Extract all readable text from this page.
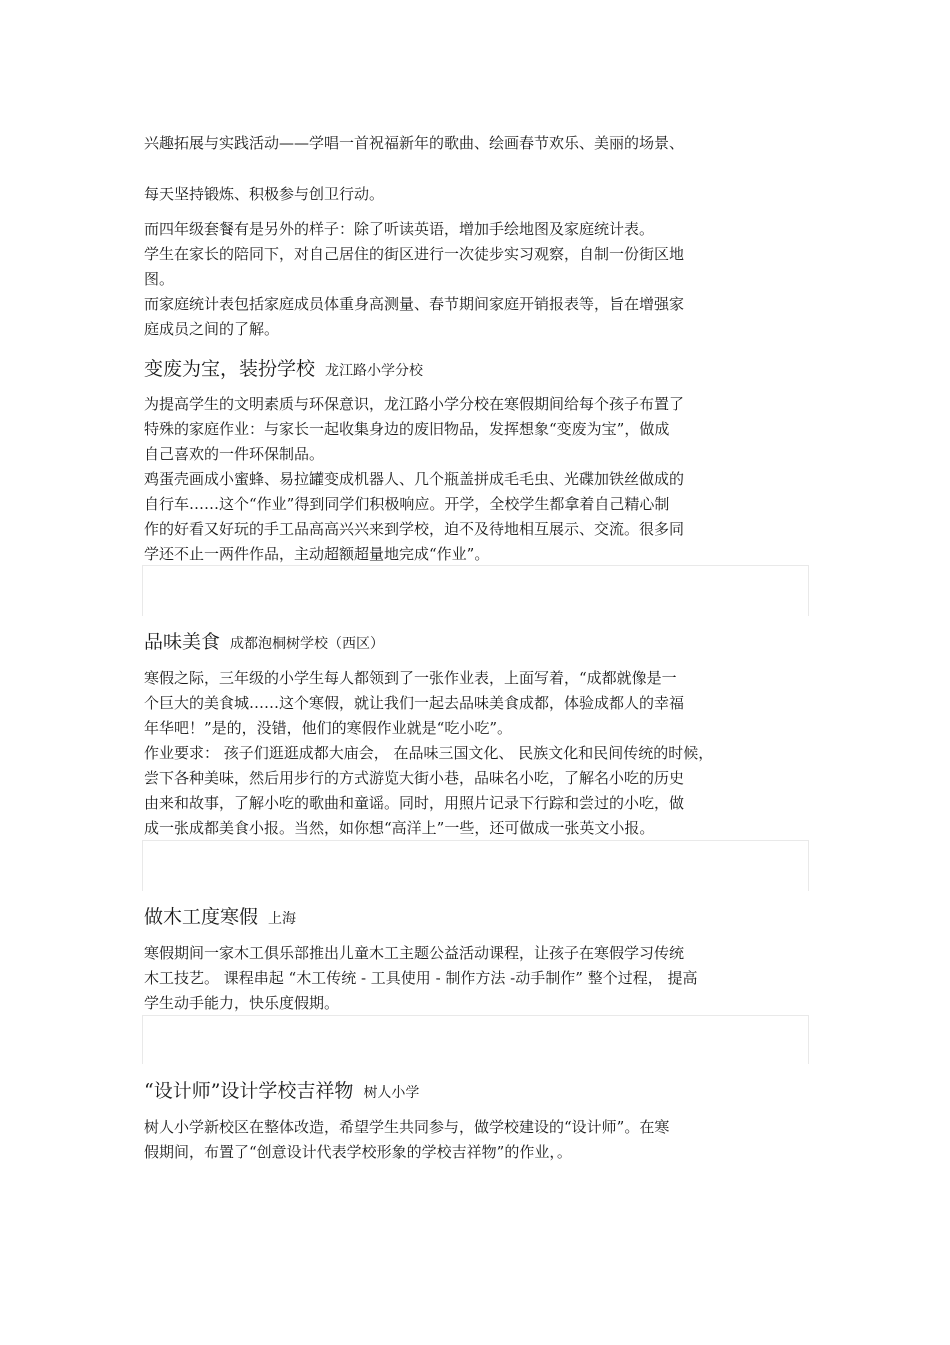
兴趣拓展与实践活动——学唱一首祝福新年的歌曲、绘画春节欢乐、美丽的场景、
每天坚持锻炼、积极参与创卫行动。
而四年级套餐有是另外的样子：除了听读英语，增加手绘地图及家庭统计表。
学生在家长的陪同下，对自己居住的街区进行一次徒步实习观察，自制一份街区地
图。
而家庭统计表包括家庭成员体重身高测量、春节期间家庭开销报表等，旨在增强家
庭成员之间的了解。
变废为宝，装扮学校 龙江路小学分校
为提高学生的文明素质与环保意识，龙江路小学分校在寒假期间给每个孩子布置了
特殊的家庭作业：与家长一起收集身边的废旧物品，发挥想象“变废为宝”，做成
自己喜欢的一件环保制品。
鸡蛋壳画成小蜜蜂、易拉罐变成机器人、几个瓶盖拼成毛毛虫、光碟加铁丝做成的
自行车……这个“作业”得到同学们积极响应。开学，全校学生都拿着自己精心制
作的好看又好玩的手工品高高兴兴来到学校，迫不及待地相互展示、交流。很多同
学还不止一两件作品，主动超额超量地完成“作业”。
品味美食 成都泡桐树学校（西区）
寒假之际，三年级的小学生每人都领到了一张作业表，上面写着，“成都就像是一
个巨大的美食城……这个寒假，就让我们一起去品味美食成都，体验成都人的幸福
年华吧！”是的，没错，他们的寒假作业就是“吃小吃”。
作业要求： 孩子们逛逛成都大庙会， 在品味三国文化、 民族文化和民间传统的时候，
尝下各种美味，然后用步行的方式游览大街小巷，品味名小吃，了解名小吃的历史
由来和故事，了解小吃的歌曲和童谣。同时，用照片记录下行踪和尝过的小吃，做
成一张成都美食小报。当然，如你想“高洋上”一些，还可做成一张英文小报。
做木工度寒假 上海
寒假期间一家木工俱乐部推出儿童木工主题公益活动课程，让孩子在寒假学习传统
木工技艺。 课程串起 “木工传统 - 工具使用 - 制作方法 -动手制作” 整个过程， 提高
学生动手能力，快乐度假期。
“设计师”设计学校吉祥物 树人小学
树人小学新校区在整体改造，希望学生共同参与，做学校建设的“设计师”。在寒
假期间，布置了“创意设计代表学校形象的学校吉祥物”的作业，。
